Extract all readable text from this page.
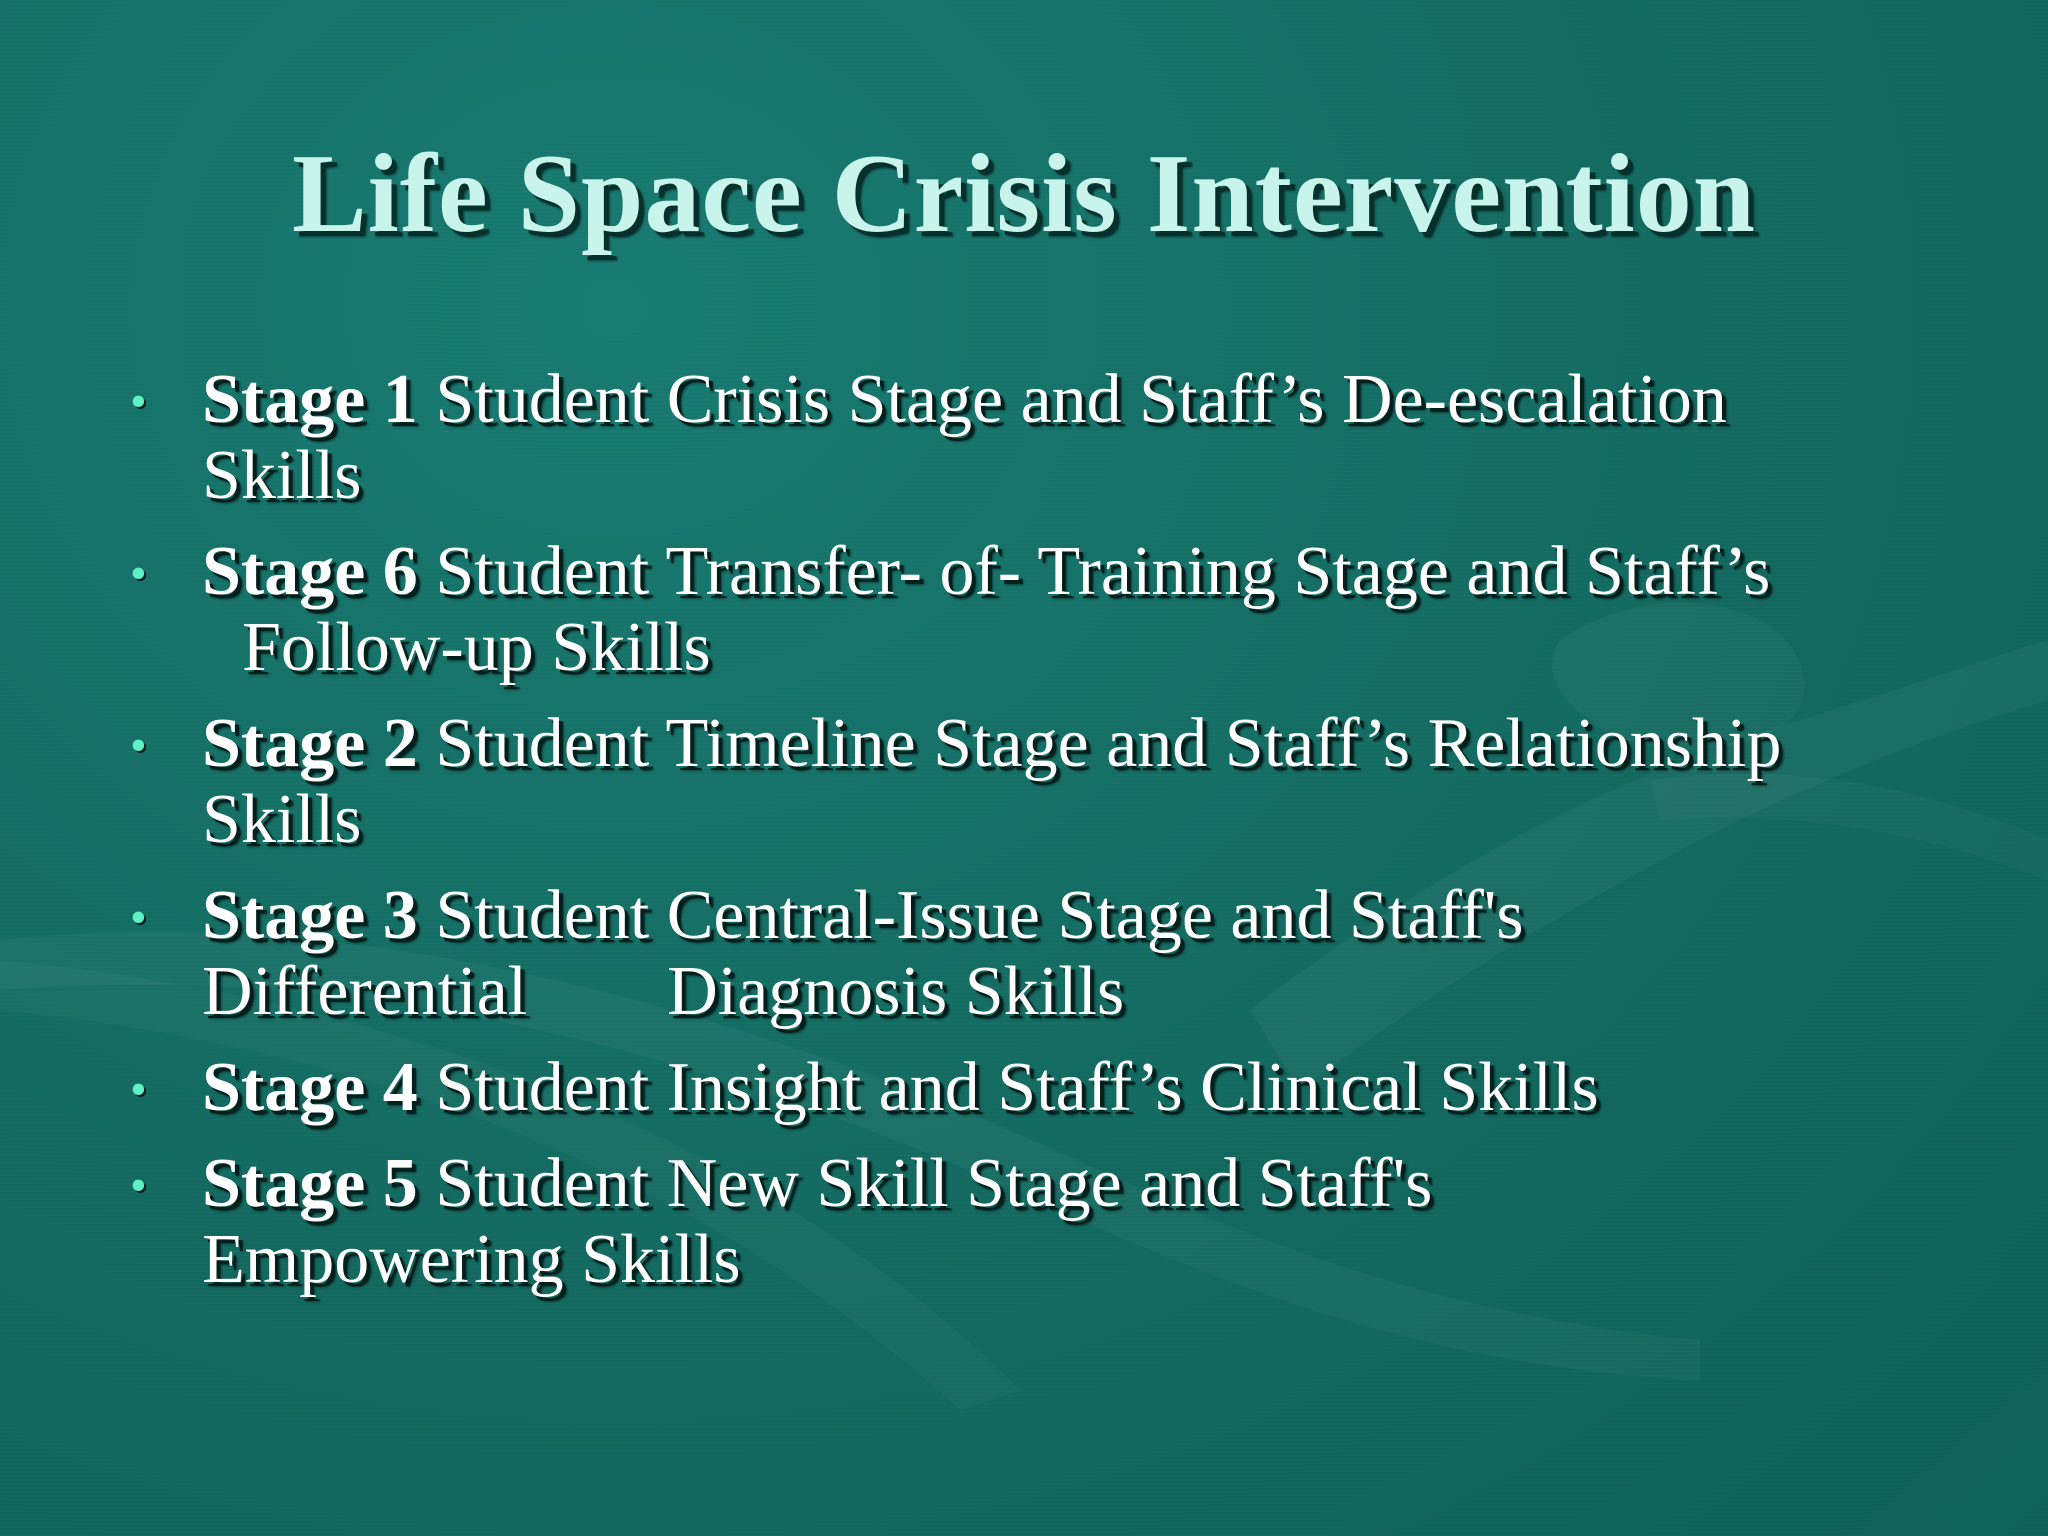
Life Space Crisis Intervention
• Stage 1 Student Crisis Stage and Staff’s De-escalation
Skills
• Stage 6 Student Transfer- of- Training Stage and Staff’s
Follow-up Skills
• Stage 2 Student Timeline Stage and Staff’s Relationship
Skills
• Stage 3 Student Central-Issue Stage and Staff's
Differential        Diagnosis Skills
• Stage 4 Student Insight and Staff’s Clinical Skills
• Stage 5 Student New Skill Stage and Staff's
Empowering Skills
